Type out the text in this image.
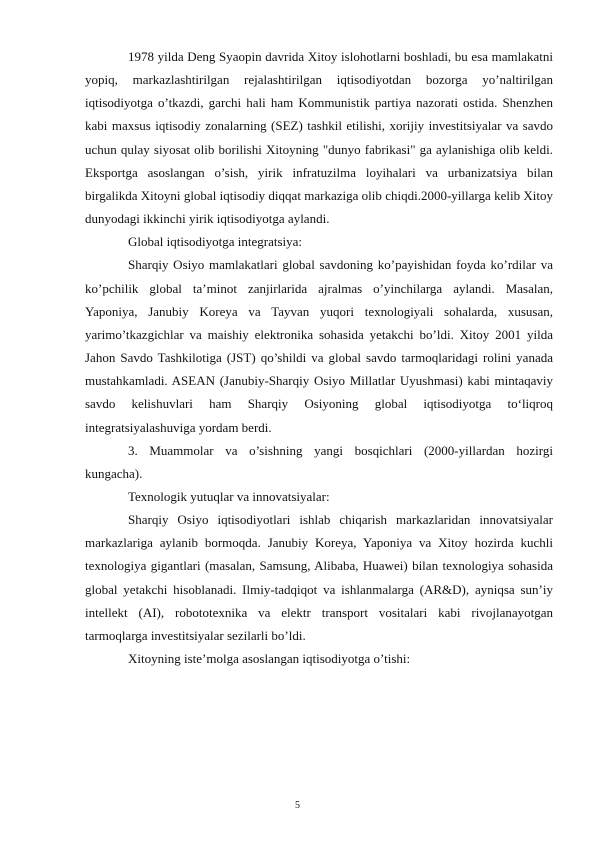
1978 yilda Deng Syaopin davrida Xitoy islohotlarni boshladi, bu esa mamlakatni yopiq, markazlashtirilgan rejalashtirilgan iqtisodiyotdan bozorga yo’naltirilgan iqtisodiyotga o’tkazdi, garchi hali ham Kommunistik partiya nazorati ostida. Shenzhen kabi maxsus iqtisodiy zonalarning (SEZ) tashkil etilishi, xorijiy investitsiyalar va savdo uchun qulay siyosat olib borilishi Xitoyning "dunyo fabrikasi" ga aylanishiga olib keldi. Eksportga asoslangan o’sish, yirik infratuzilma loyihalari va urbanizatsiya bilan birgalikda Xitoyni global iqtisodiy diqqat markaziga olib chiqdi.2000-yillarga kelib Xitoy dunyodagi ikkinchi yirik iqtisodiyotga aylandi.

Global iqtisodiyotga integratsiya:

Sharqiy Osiyo mamlakatlari global savdoning ko’payishidan foyda ko’rdilar va ko’pchilik global ta’minot zanjirlarida ajralmas o’yinchilarga aylandi. Masalan, Yaponiya, Janubiy Koreya va Tayvan yuqori texnologiyali sohalarda, xususan, yarimo’tkazgichlar va maishiy elektronika sohasida yetakchi bo’ldi. Xitoy 2001 yilda Jahon Savdo Tashkilotiga (JST) qo’shildi va global savdo tarmoqlaridagi rolini yanada mustahkamladi. ASEAN (Janubiy-Sharqiy Osiyo Millatlar Uyushmasi) kabi mintaqaviy savdo kelishuvlari ham Sharqiy Osiyoning global iqtisodiyotga to‘liqroq integratsiyalashuviga yordam berdi.

3. Muammolar va o’sishning yangi bosqichlari (2000-yillardan hozirgi kungacha).

Texnologik yutuqlar va innovatsiyalar:

Sharqiy Osiyo iqtisodiyotlari ishlab chiqarish markazlaridan innovatsiyalar markazlariga aylanib bormoqda. Janubiy Koreya, Yaponiya va Xitoy hozirda kuchli texnologiya gigantlari (masalan, Samsung, Alibaba, Huawei) bilan texnologiya sohasida global yetakchi hisoblanadi. Ilmiy-tadqiqot va ishlanmalarga (AR&D), ayniqsa sun’iy intellekt (AI), robototexnika va elektr transport vositalari kabi rivojlanayotgan tarmoqlarga investitsiyalar sezilarli bo’ldi.

Xitoyning iste’molga asoslangan iqtisodiyotga o’tishi:

5
